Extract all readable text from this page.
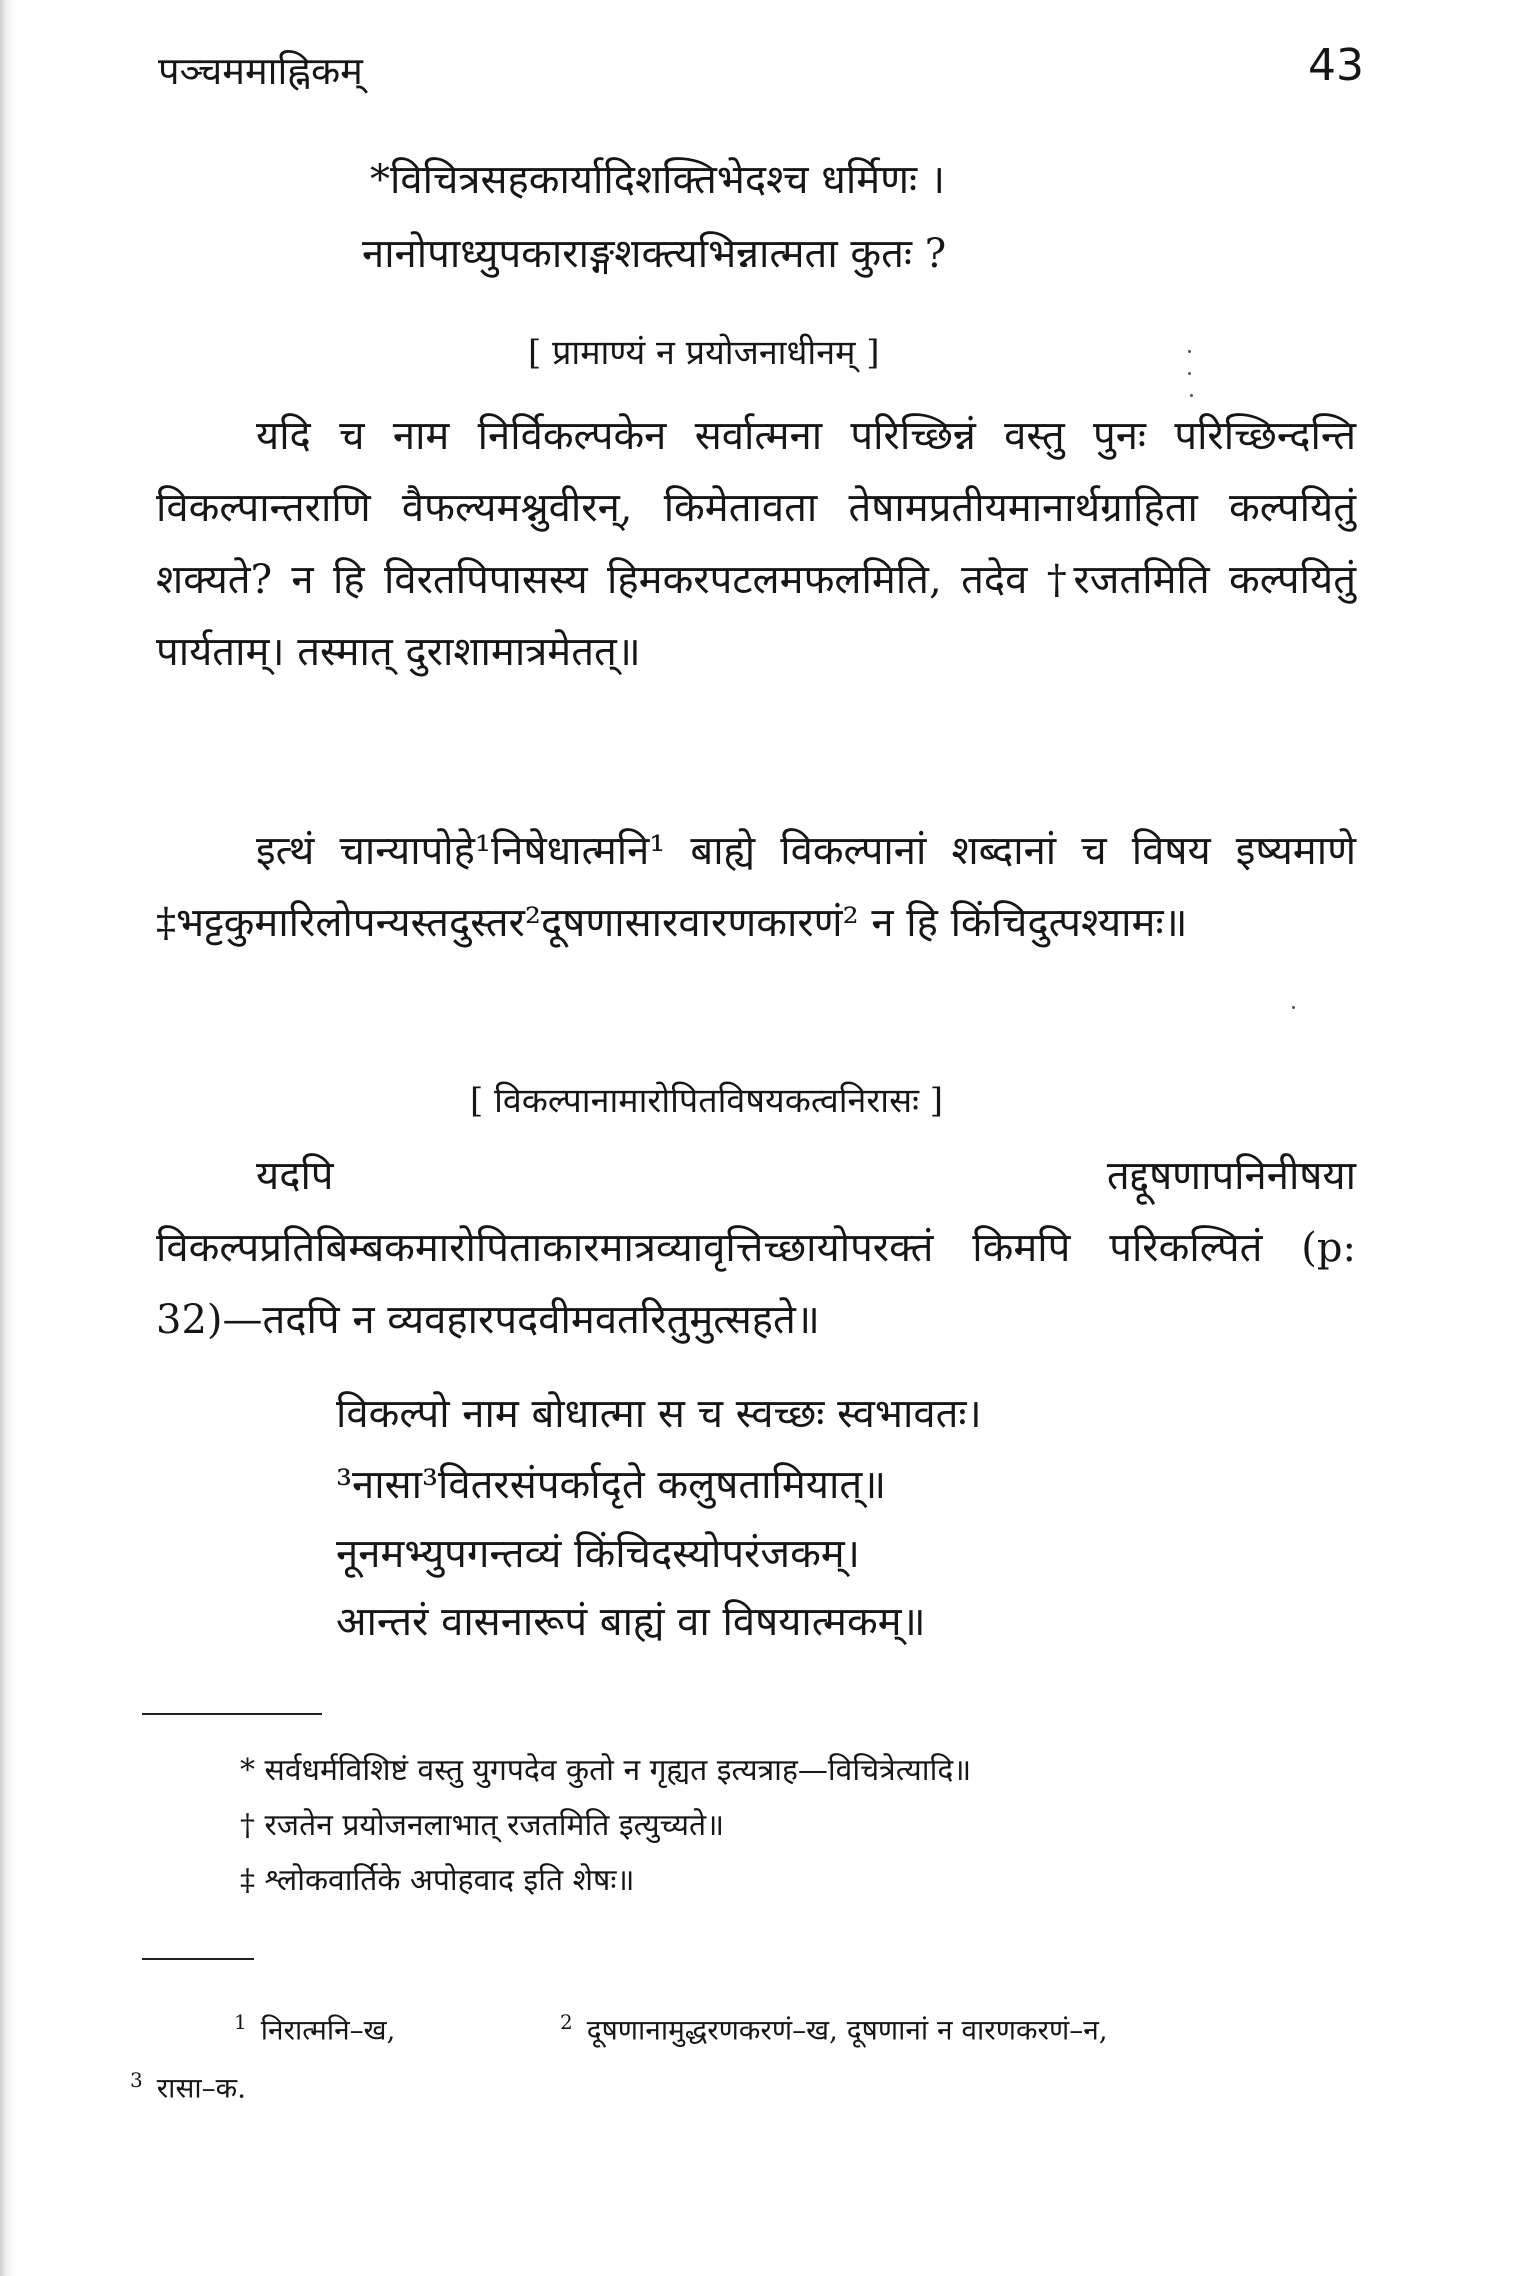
पञ्चममाह्निकम्	43
*विचित्रसहकार्यादिशक्तिभेदश्च धर्मिणः ।
नानोपाध्युपकाराङ्गशक्त्यभिन्नात्मता कुतः ?
[ प्रामाण्यं न प्रयोजनाधीनम् ]
यदि च नाम निर्विकल्पकेन सर्वात्मना परिच्छिन्नं वस्तु पुनः परिच्छिन्दन्ति विकल्पान्तराणि वैफल्यमश्नुवीरन्, किमेतावता तेषामप्रतीयमानार्थग्राहिता कल्पयितुं शक्यते? न हि विरतपिपासस्य हिमकरपटलमफलमिति, तदेव †रजतमिति कल्पयितुं पार्यताम्। तस्मात् दुराशामात्रमेतत्॥
इत्थं चान्यापोहे¹निषेधात्मनि¹ बाह्ये विकल्पानां शब्दानां च विषय इष्यमाणे ‡भट्टकुमारिलोपन्यस्तदुस्तर²दूषणासारवारणकारणं² न हि किंचिदुत्पश्यामः॥
[ विकल्पानामारोपितविषयकत्वनिरासः ]
यदपि तद्दूषणापनिनीषया विकल्पप्रतिबिम्बकमारोपिताकारमात्रव्यावृत्तिच्छायोपरक्तं किमपि परिकल्पितं (p: 32)—तदपि न व्यवहारपदवीमवतरितुमुत्सहते॥
विकल्पो नाम बोधात्मा स च स्वच्छः स्वभावतः।
³नासा³वितरसंपर्कादृते कलुषतामियात्॥
नूनमभ्युपगन्तव्यं किंचिदस्योपरंजकम्।
आन्तरं वासनारूपं बाह्यं वा विषयात्मकम्॥
* सर्वधर्मविशिष्टं वस्तु युगपदेव कुतो न गृह्यत इत्यत्राह—विचित्रेत्यादि॥
† रजतेन प्रयोजनलाभात् रजतमिति इत्युच्यते॥
‡ श्लोकवार्तिके अपोहवाद इति शेषः॥
$^1$ निरात्मनि–ख,	$^2$ दूषणानामुद्धरणकरणं–ख, दूषणानां न वारणकरणं–न,
$^3$ रासा–क.
